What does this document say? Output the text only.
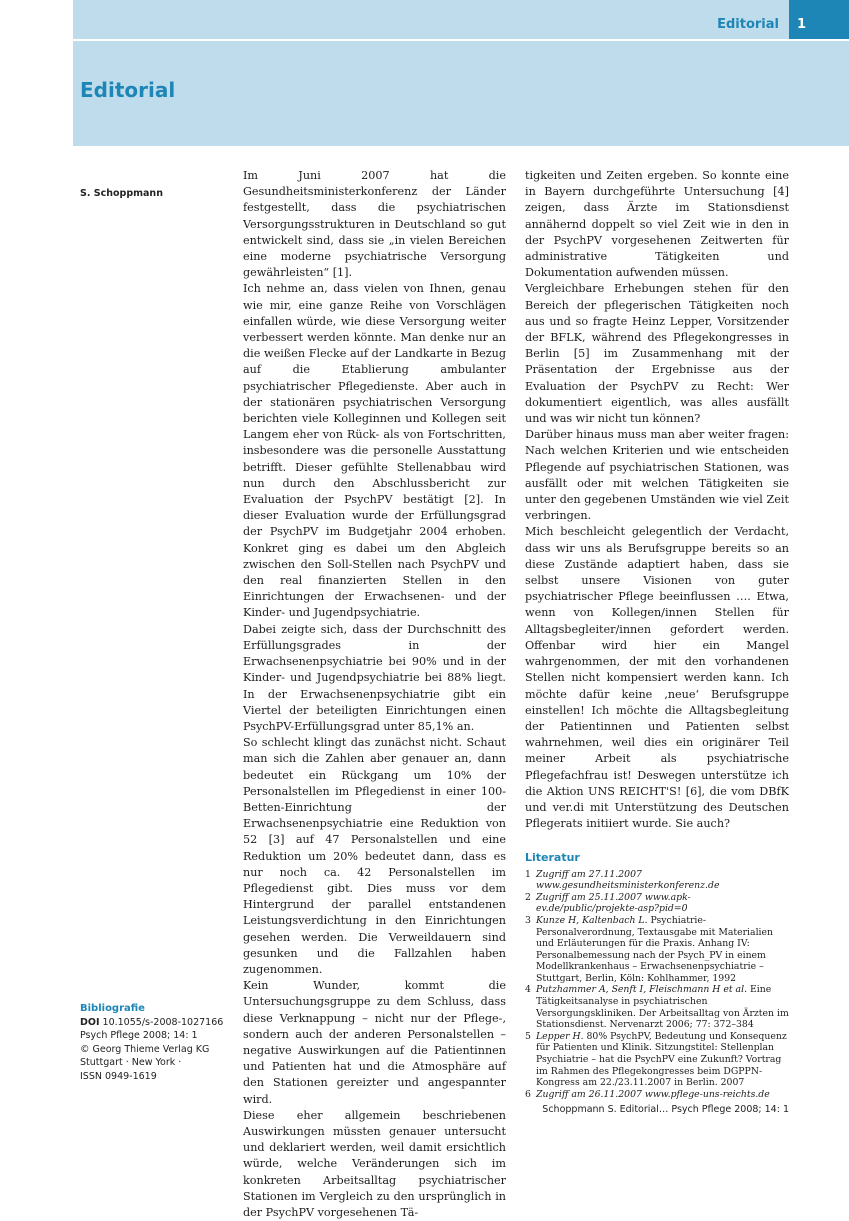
Editorial 1
Editorial
S. Schoppmann

Im Juni 2007 hat die Gesundheitsministerkonferenz der Länder festgestellt, dass die psychiatrischen Versorgungsstrukturen in Deutschland so gut entwickelt sind, dass sie „in vielen Bereichen eine moderne psychiatrische Versorgung gewährleisten“ [1].

Ich nehme an, dass vielen von Ihnen, genau wie mir, eine ganze Reihe von Vorschlägen einfallen würde, wie diese Versorgung weiter verbessert werden könnte. Man denke nur an die weißen Flecke auf der Landkarte in Bezug auf die Etablierung ambulanter psychiatrischer Pflegedienste. Aber auch in der stationären psychiatrischen Versorgung berichten viele Kolleginnen und Kollegen seit Langem eher von Rück- als von Fortschritten, insbesondere was die personelle Ausstattung betrifft. Dieser gefühlte Stellenabbau wird nun durch den Abschlussbericht zur Evaluation der PsychPV bestätigt [2]. In dieser Evaluation wurde der Erfüllungsgrad der PsychPV im Budgetjahr 2004 erhoben. Konkret ging es dabei um den Abgleich zwischen den Soll-Stellen nach PsychPV und den real finanzierten Stellen in den Einrichtungen der Erwachsenen- und der Kinder- und Jugendpsychiatrie.

Dabei zeigte sich, dass der Durchschnitt des Erfüllungsgrades in der Erwachsenenpsychiatrie bei 90% und in der Kinder- und Jugendpsychiatrie bei 88% liegt. In der Erwachsenenpsychiatrie gibt ein Viertel der beteiligten Einrichtungen einen PsychPV-Erfüllungsgrad unter 85,1% an.

So schlecht klingt das zunächst nicht. Schaut man sich die Zahlen aber genauer an, dann bedeutet ein Rückgang um 10% der Personalstellen im Pflegedienst in einer 100-Betten-Einrichtung der Erwachsenenpsychiatrie eine Reduktion von 52 [3] auf 47 Personalstellen und eine Reduktion um 20% bedeutet dann, dass es nur noch ca. 42 Personalstellen im Pflegedienst gibt. Dies muss vor dem Hintergrund der parallel entstandenen Leistungsverdichtung in den Einrichtungen gesehen werden. Die Verweildauern sind gesunken und die Fallzahlen haben zugenommen.

Kein Wunder, kommt die Untersuchungsgruppe zu dem Schluss, dass diese Verknappung – nicht nur der Pflege-, sondern auch der anderen Personalstellen – negative Auswirkungen auf die Patientinnen und Patienten hat und die Atmosphäre auf den Stationen gereizter und angespannter wird.

Diese eher allgemein beschriebenen Auswirkungen müssten genauer untersucht und deklariert werden, weil damit ersichtlich würde, welche Veränderungen sich im konkreten Arbeitsalltag psychiatrischer Stationen im Vergleich zu den ursprünglich in der PsychPV vorgesehenen Tä-

tigkeiten und Zeiten ergeben. So konnte eine in Bayern durchgeführte Untersuchung [4] zeigen, dass Ärzte im Stationsdienst annähernd doppelt so viel Zeit wie in den in der PsychPV vorgesehenen Zeitwerten für administrative Tätigkeiten und Dokumentation aufwenden müssen.

Vergleichbare Erhebungen stehen für den Bereich der pflegerischen Tätigkeiten noch aus und so fragte Heinz Lepper, Vorsitzender der BFLK, während des Pflegekongresses in Berlin [5] im Zusammenhang mit der Präsentation der Ergebnisse aus der Evaluation der PsychPV zu Recht: Wer dokumentiert eigentlich, was alles ausfällt und was wir nicht tun können?

Darüber hinaus muss man aber weiter fragen: Nach welchen Kriterien und wie entscheiden Pflegende auf psychiatrischen Stationen, was ausfällt oder mit welchen Tätigkeiten sie unter den gegebenen Umständen wie viel Zeit verbringen.

Mich beschleicht gelegentlich der Verdacht, dass wir uns als Berufsgruppe bereits so an diese Zustände adaptiert haben, dass sie selbst unsere Visionen von guter psychiatrischer Pflege beeinflussen …. Etwa, wenn von Kollegen/innen Stellen für Alltagsbegleiter/innen gefordert werden. Offenbar wird hier ein Mangel wahrgenommen, der mit den vorhandenen Stellen nicht kompensiert werden kann. Ich möchte dafür keine ‚neue‘ Berufsgruppe einstellen! Ich möchte die Alltagsbegleitung der Patientinnen und Patienten selbst wahrnehmen, weil dies ein originärer Teil meiner Arbeit als psychiatrische Pflegefachfrau ist! Deswegen unterstütze ich die Aktion UNS REICHT'S! [6], die vom DBfK und ver.di mit Unterstützung des Deutschen Pflegerats initiiert wurde. Sie auch?

Literatur
1 Zugriff am 27.11.2007 www.gesundheitsministerkonferenz.de
2 Zugriff am 25.11.2007 www.apk-ev.de/public/projekte-asp?pid=0
3 Kunze H, Kaltenbach L. Psychiatrie-Personalverordnung, Textausgabe mit Materialien und Erläuterungen für die Praxis. Anhang IV: Personalbemessung nach der Psych_PV in einem Modellkrankenhaus – Erwachsenenpsychiatrie – Stuttgart, Berlin, Köln: Kohlhammer, 1992
4 Putzhammer A, Senft I, Fleischmann H et al. Eine Tätigkeitsanalyse in psychiatrischen Versorgungskliniken. Der Arbeitsalltag von Ärzten im Stationsdienst. Nervenarzt 2006; 77: 372–384
5 Lepper H. 80% PsychPV, Bedeutung und Konsequenz für Patienten und Klinik. Sitzungstitel: Stellenplan Psychiatrie – hat die PsychPV eine Zukunft? Vortrag im Rahmen des Pflegekongresses beim DGPPN-Kongress am 22./23.11.2007 in Berlin. 2007
6 Zugriff am 26.11.2007 www.pflege-uns-reichts.de
Bibliografie
DOI 10.1055/s-2008-1027166
Psych Pflege 2008; 14: 1
© Georg Thieme Verlag KG
Stuttgart · New York ·
ISSN 0949-1619
Schoppmann S. Editorial… Psych Pflege 2008; 14: 1
